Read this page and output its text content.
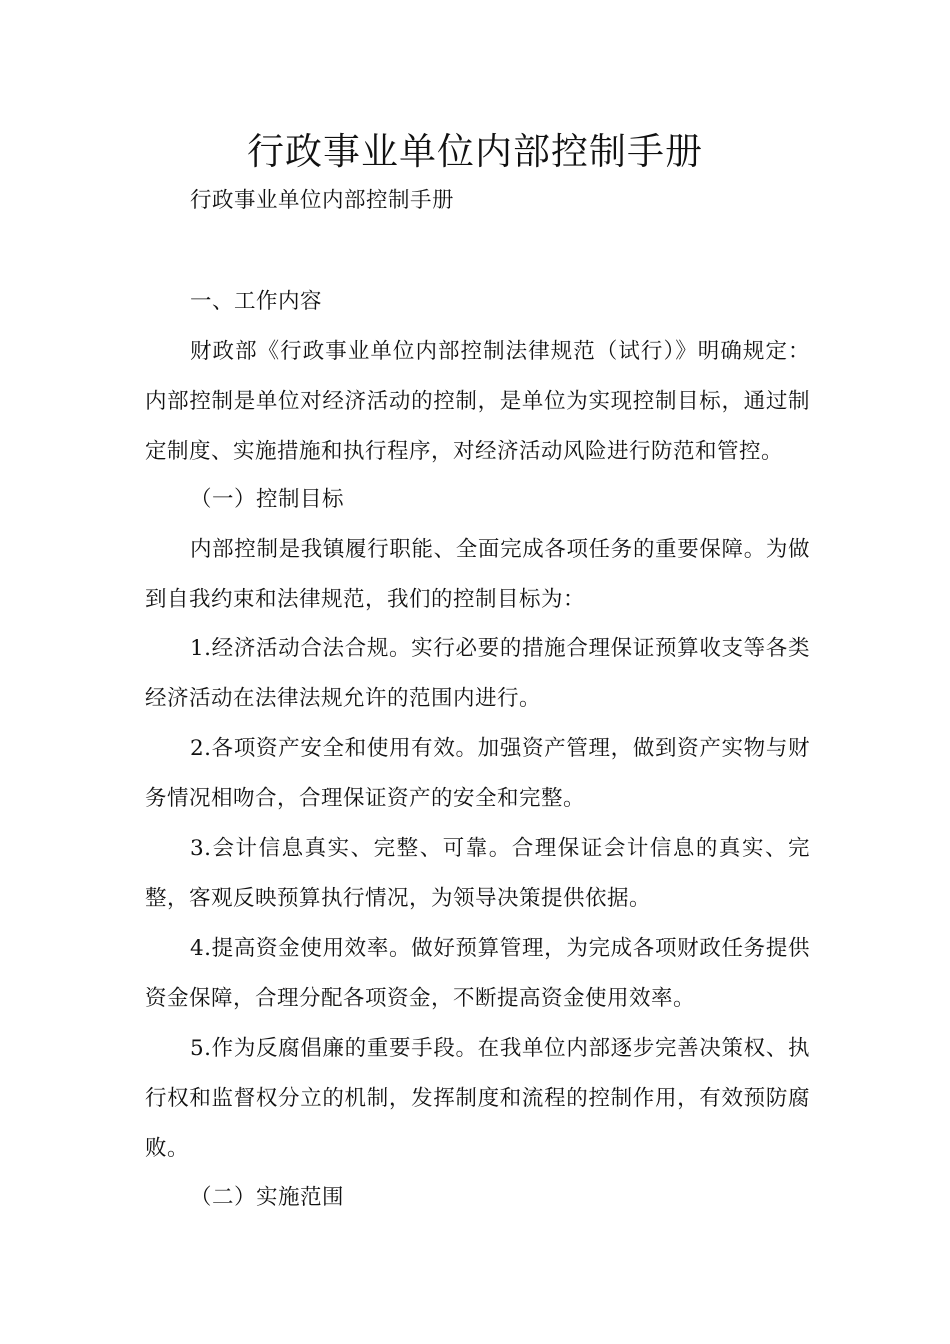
行政事业单位内部控制手册

行政事业单位内部控制手册

一、工作内容

财政部《行政事业单位内部控制法律规范（试行）》明确规定：内部控制是单位对经济活动的控制，是单位为实现控制目标，通过制定制度、实施措施和执行程序，对经济活动风险进行防范和管控。

（一）控制目标

内部控制是我镇履行职能、全面完成各项任务的重要保障。为做到自我约束和法律规范，我们的控制目标为：

1.经济活动合法合规。实行必要的措施合理保证预算收支等各类经济活动在法律法规允许的范围内进行。

2.各项资产安全和使用有效。加强资产管理，做到资产实物与财务情况相吻合，合理保证资产的安全和完整。

3.会计信息真实、完整、可靠。合理保证会计信息的真实、完整，客观反映预算执行情况，为领导决策提供依据。

4.提高资金使用效率。做好预算管理，为完成各项财政任务提供资金保障，合理分配各项资金，不断提高资金使用效率。

5.作为反腐倡廉的重要手段。在我单位内部逐步完善决策权、执行权和监督权分立的机制，发挥制度和流程的控制作用，有效预防腐败。

（二）实施范围
